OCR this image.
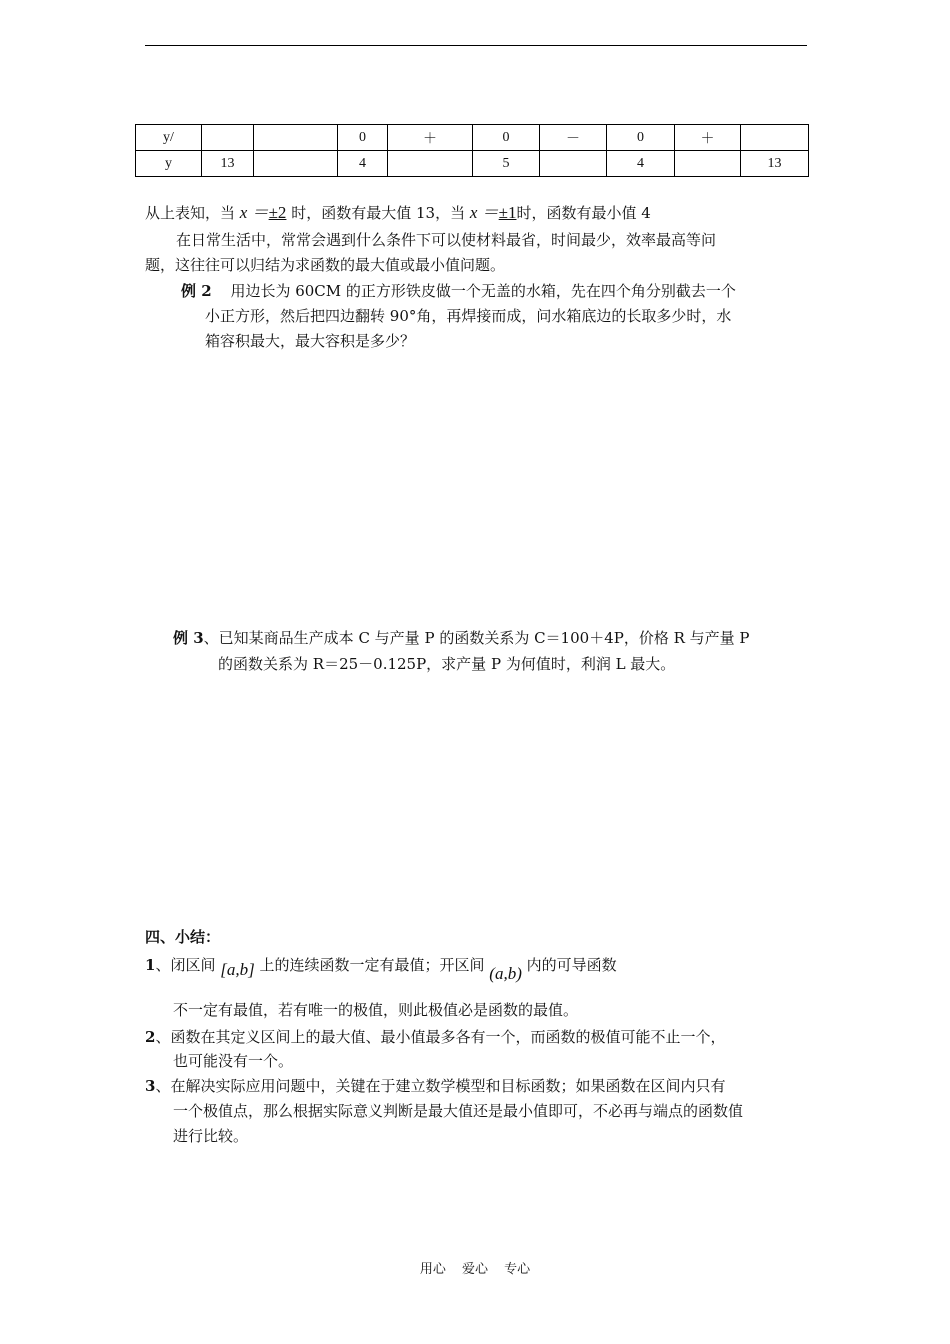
y/			0	＋	0	－	0	＋	
y	13		4		5		4		13
从上表知，当 x ＝±2 时，函数有最大值 13，当 x ＝±1时，函数有最小值 4
在日常生活中，常常会遇到什么条件下可以使材料最省，时间最少，效率最高等问
题，这往往可以归结为求函数的最大值或最小值问题。
例 2 用边长为 60CM 的正方形铁皮做一个无盖的水箱，先在四个角分别截去一个
小正方形，然后把四边翻转 90°角，再焊接而成，问水箱底边的长取多少时，水
箱容积最大，最大容积是多少？
例 3、已知某商品生产成本 C 与产量 P 的函数关系为 C＝100＋4P，价格 R 与产量 P
的函数关系为 R＝25－0.125P，求产量 P 为何值时，利润 L 最大。
四、小结：
1、闭区间 [a,b] 上的连续函数一定有最值；开区间 (a,b) 内的可导函数
不一定有最值，若有唯一的极值，则此极值必是函数的最值。
2、函数在其定义区间上的最大值、最小值最多各有一个，而函数的极值可能不止一个，
也可能没有一个。
3、在解决实际应用问题中，关键在于建立数学模型和目标函数；如果函数在区间内只有
一个极值点，那么根据实际意义判断是最大值还是最小值即可，不必再与端点的函数值
进行比较。
用心 爱心 专心
